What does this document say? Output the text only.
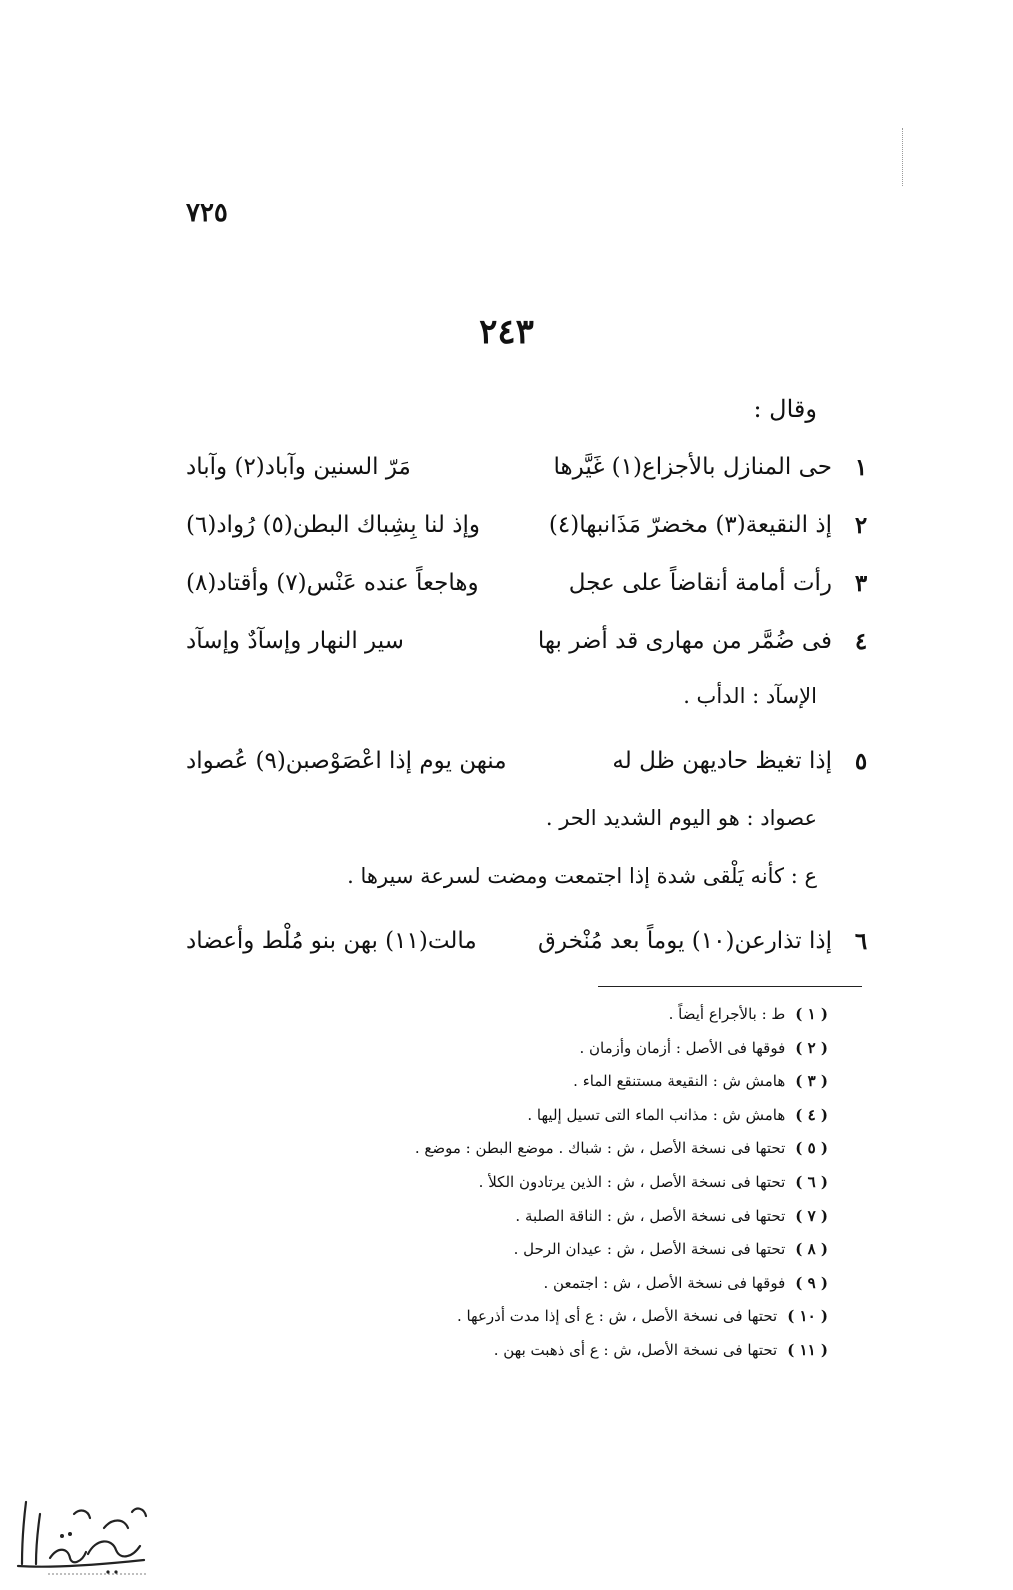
٧٢٥
٢٤٣
وقال :
١
حى المنازل بالأجزاع(١) غَيَّرها
مَرّ السنين وآباد(٢) وآباد
٢
إذ النقيعة(٣) مخضرّ مَذَانبها(٤)
وإذ لنا بِشِباك البطن(٥) رُواد(٦)
٣
رأت أمامة أنقاضاً على عجل
وهاجعاً عنده عَنْس(٧) وأقتاد(٨)
٤
فى ضُمَّر من مهارى قد أضر بها
سير النهار وإسآدٌ وإسآد
الإسآد : الدأب .
٥
إذا تغيظ حاديهن ظل له
منهن يوم إذا اعْصَوْصبن(٩) عُصواد
عصواد : هو اليوم الشديد الحر .
ع : كأنه يَلْقى شدة إذا اجتمعت ومضت لسرعة سيرها .
٦
إذا تذارعن(١٠) يوماً بعد مُنْخرق
مالت(١١) بهن بنو مُلْط وأعضاد
( ١ )ط : بالأجراع أيضاً .
( ٢ )فوقها فى الأصل : أزمان وأزمان .
( ٣ )هامش ش : النقيعة مستنقع الماء .
( ٤ )هامش ش : مذانب الماء التى تسيل إليها .
( ٥ )تحتها فى نسخة الأصل ، ش : شباك . موضع البطن : موضع .
( ٦ )تحتها فى نسخة الأصل ، ش : الذين يرتادون الكلأ .
( ٧ )تحتها فى نسخة الأصل ، ش : الناقة الصلبة .
( ٨ )تحتها فى نسخة الأصل ، ش : عيدان الرحل .
( ٩ )فوقها فى نسخة الأصل ، ش : اجتمعن .
( ١٠ )تحتها فى نسخة الأصل ، ش : ع أى إذا مدت أذرعها .
( ١١ )تحتها فى نسخة الأصل، ش : ع أى ذهبت بهن .
